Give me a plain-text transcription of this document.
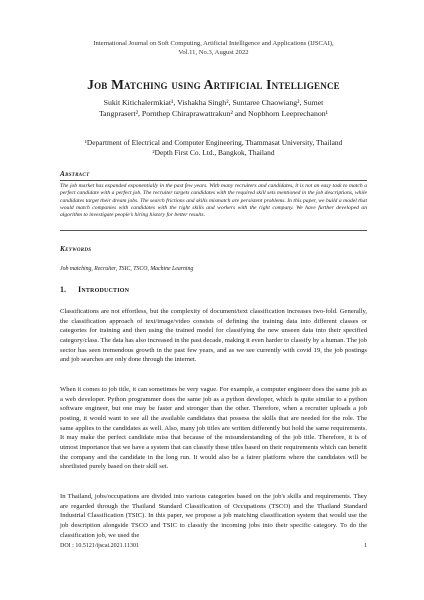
International Journal on Soft Computing, Artificial Intelligence and Applications (IJSCAI),
Vol.11, No.3, August 2022
Job Matching using Artificial Intelligence
Sukit Kitichalermkiat¹, Vishakha Singh², Suntaree Chaowiang², Sumet
Tangprasert², Pornthep Chiraprawattrakun² and Nopbhorn Leeprechanon¹
¹Department of Electrical and Computer Engineering, Thammasat University, Thailand
²Depth First Co. Ltd., Bangkok, Thailand
Abstract
The job market has expanded exponentially in the past few years. With many recruiters and candidates, it is not an easy task to match a perfect candidate with a perfect job. The recruiter targets candidates with the required skill sets mentioned in the job descriptions, while candidates target their dream jobs. The search frictions and skills mismatch are persistent problems. In this paper, we build a model that would match companies with candidates with the right skills and workers with the right company. We have further developed an algorithm to investigate people’s hiring history for better results.
Keywords
Job matching, Recruiter, TSIC, TSCO, Machine Learning
1. Introduction

Classifications are not effortless, but the complexity of document/text classification increases two-fold. Generally, the classification approach of text/image/video consists of defining the training data into different classes or categories for training and then using the trained model for classifying the new unseen data into their specified category/class. The data has also increased in the past decade, making it even harder to classify by a human. The job sector has seen tremendous growth in the past few years, and as we see currently with covid 19, the job postings and job searches are only done through the internet.

When it comes to job title, it can sometimes be very vague. For example, a computer engineer does the same job as a web developer. Python programmer does the same job as a python developer, which is quite similar to a python software engineer, but one may be faster and stronger than the other. Therefore, when a recruiter uploads a job posting, it would want to see all the available candidates that possess the skills that are needed for the role. The same applies to the candidates as well. Also, many job titles are written differently but hold the same requirements. It may make the perfect candidate miss that because of the misunderstanding of the job title. Therefore, it is of utmost importance that we have a system that can classify these titles based on their requirements which can benefit the company and the candidate in the long run. It would also be a fairer platform where the candidates will be shortlisted purely based on their skill set.

In Thailand, jobs/occupations are divided into various categories based on the job's skills and requirements. They are regarded through the Thailand Standard Classification of Occupations (TSCO) and the Thailand Standard Industrial Classification (TSIC). In this paper, we propose a job matching classification system that would use the job description alongside TSCO and TSIC to classify the incoming jobs into their specific category. To do the classification job, we used the

DOI : 10.5121/ijscai.2021.11301	1
